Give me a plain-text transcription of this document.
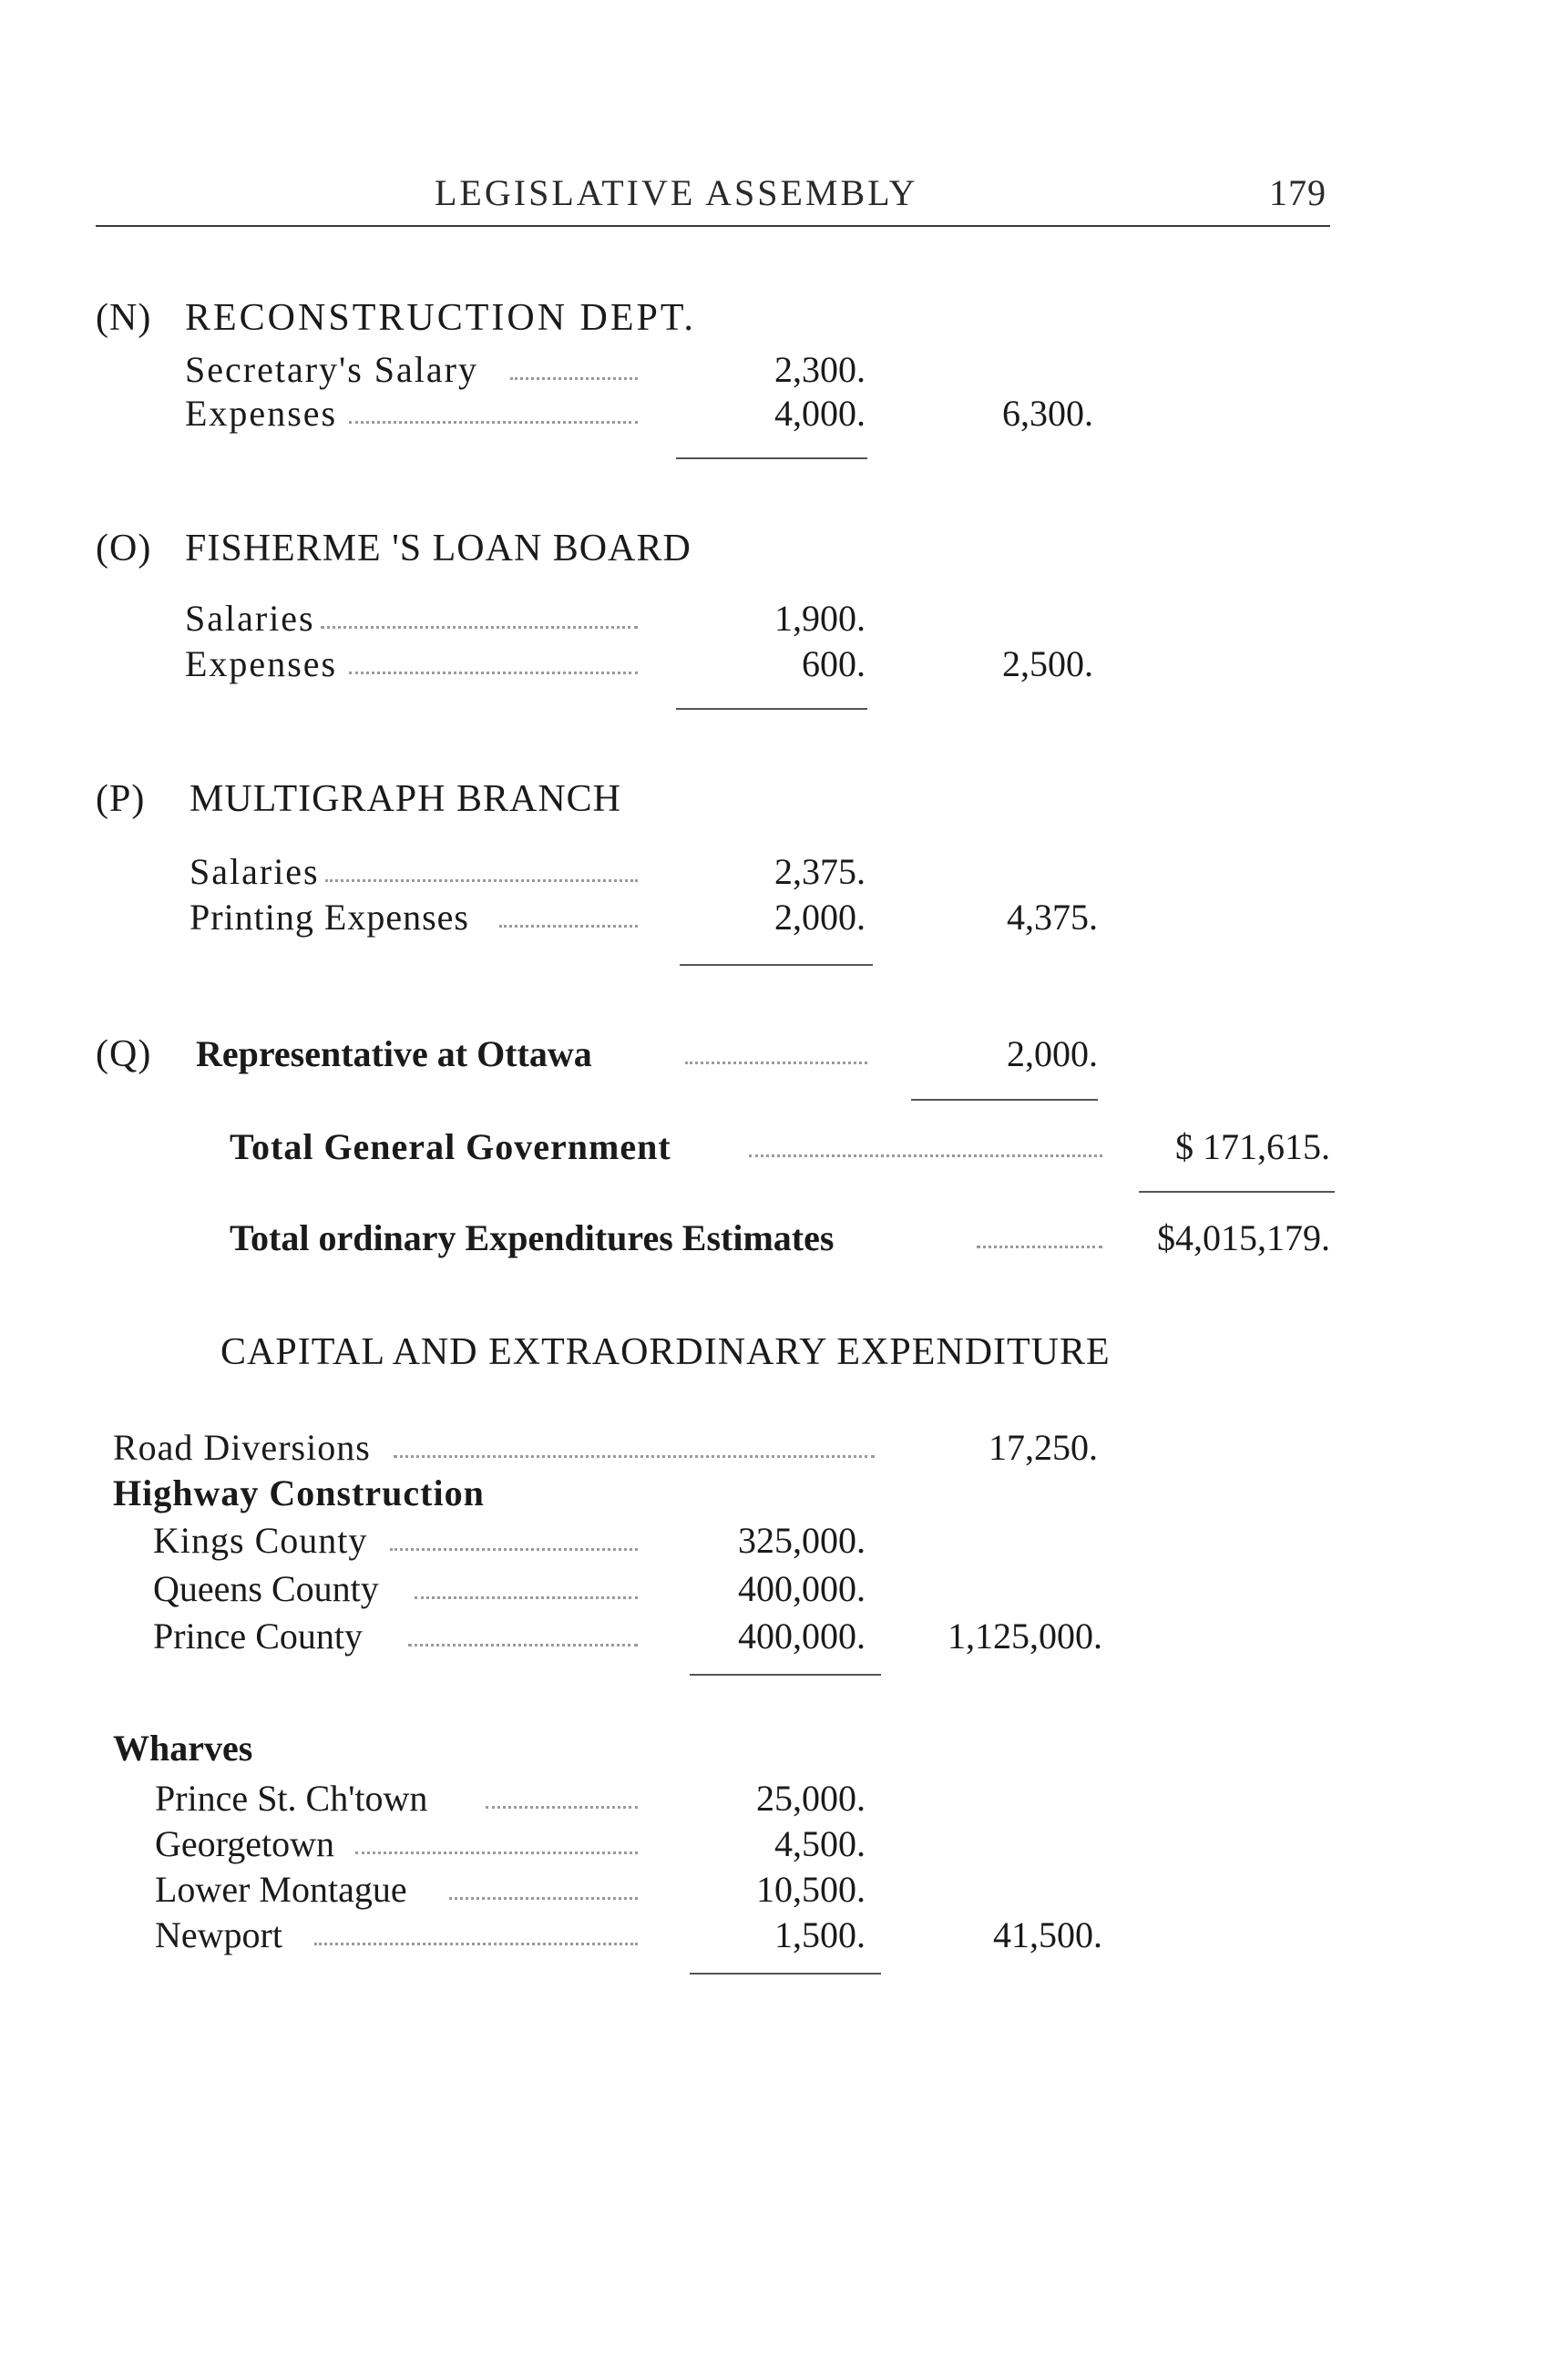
LEGISLATIVE ASSEMBLY	179
(N) RECONSTRUCTION DEPT.
Secretary's Salary	2,300.
Expenses	4,000.	6,300.
(O) FISHERME 'S LOAN BOARD
Salaries	1,900.
Expenses	600.	2,500.
(P) MULTIGRAPH BRANCH
Salaries	2,375.
Printing Expenses	2,000.	4,375.
(Q) Representative at Ottawa	2,000.
Total General Government	$ 171,615.
Total ordinary Expenditures Estimates	$4,015,179.
CAPITAL AND EXTRAORDINARY EXPENDITURE
Road Diversions	17,250.
Highway Construction
Kings County	325,000.
Queens County	400,000.
Prince County	400,000.	1,125,000.
Wharves
Prince St. Ch'town	25,000.
Georgetown	4,500.
Lower Montague	10,500.
Newport	1,500.	41,500.
